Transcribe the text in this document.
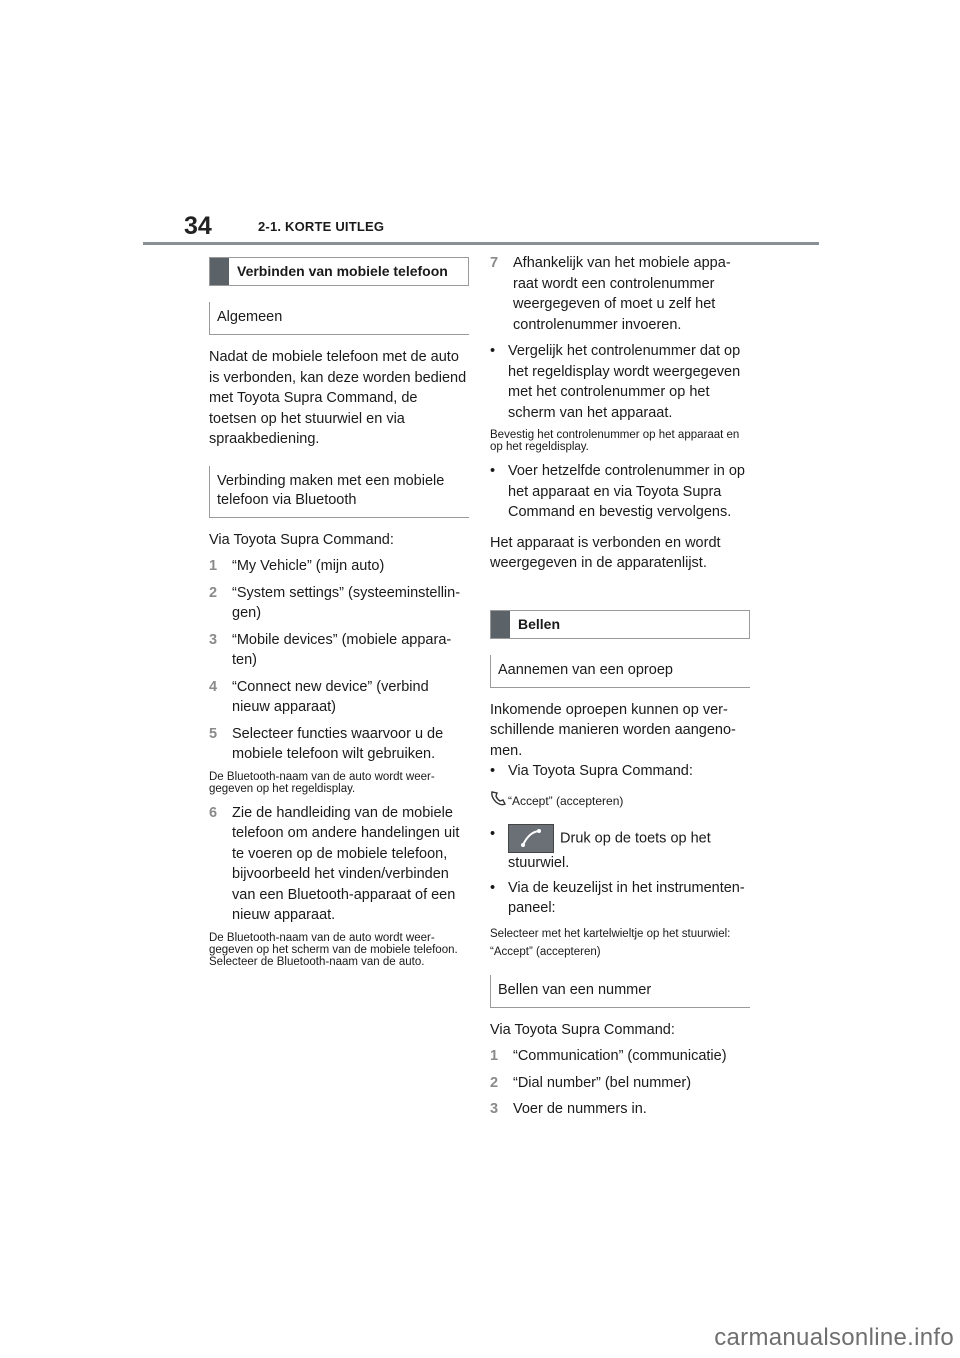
34	2-1. KORTE UITLEG
Verbinden van mobiele telefoon
Algemeen

Nadat de mobiele telefoon met de auto is verbonden, kan deze worden bediend met Toyota Supra Command, de toetsen op het stuurwiel en via spraakbediening.

Verbinding maken met een mobiele telefoon via Bluetooth
Via Toyota Supra Command:
1	“My Vehicle” (mijn auto)
2	“System settings” (systeeminstellingen)
3	“Mobile devices” (mobiele apparaten)
4	“Connect new device” (verbind nieuw apparaat)
5	Selecteer functies waarvoor u de mobiele telefoon wilt gebruiken.
De Bluetooth-naam van de auto wordt weergegeven op het regeldisplay.
6	Zie de handleiding van de mobiele telefoon om andere handelingen uit te voeren op de mobiele telefoon, bijvoorbeeld het vinden/verbinden van een Bluetooth-apparaat of een nieuw apparaat.
De Bluetooth-naam van de auto wordt weergegeven op het scherm van de mobiele telefoon. Selecteer de Bluetooth-naam van de auto.
7	Afhankelijk van het mobiele apparaat wordt een controlenummer weergegeven of moet u zelf het controlenummer invoeren.
• Vergelijk het controlenummer dat op het regeldisplay wordt weergegeven met het controlenummer op het scherm van het apparaat.
Bevestig het controlenummer op het apparaat en op het regeldisplay.
• Voer hetzelfde controlenummer in op het apparaat en via Toyota Supra Command en bevestig vervolgens.

Het apparaat is verbonden en wordt weergegeven in de apparatenlijst.

Bellen
Aannemen van een oproep
Inkomende oproepen kunnen op verschillende manieren worden aangenomen.
• Via Toyota Supra Command:
“Accept” (accepteren)
•	Druk op de toets op het stuurwiel.
• Via de keuzelijst in het instrumentenpaneel:
Selecteer met het kartelwieltje op het stuurwiel: “Accept” (accepteren)
Bellen van een nummer
Via Toyota Supra Command:
1	“Communication” (communicatie)
2	“Dial number” (bel nummer)
3	Voer de nummers in.
carmanualsonline.info
